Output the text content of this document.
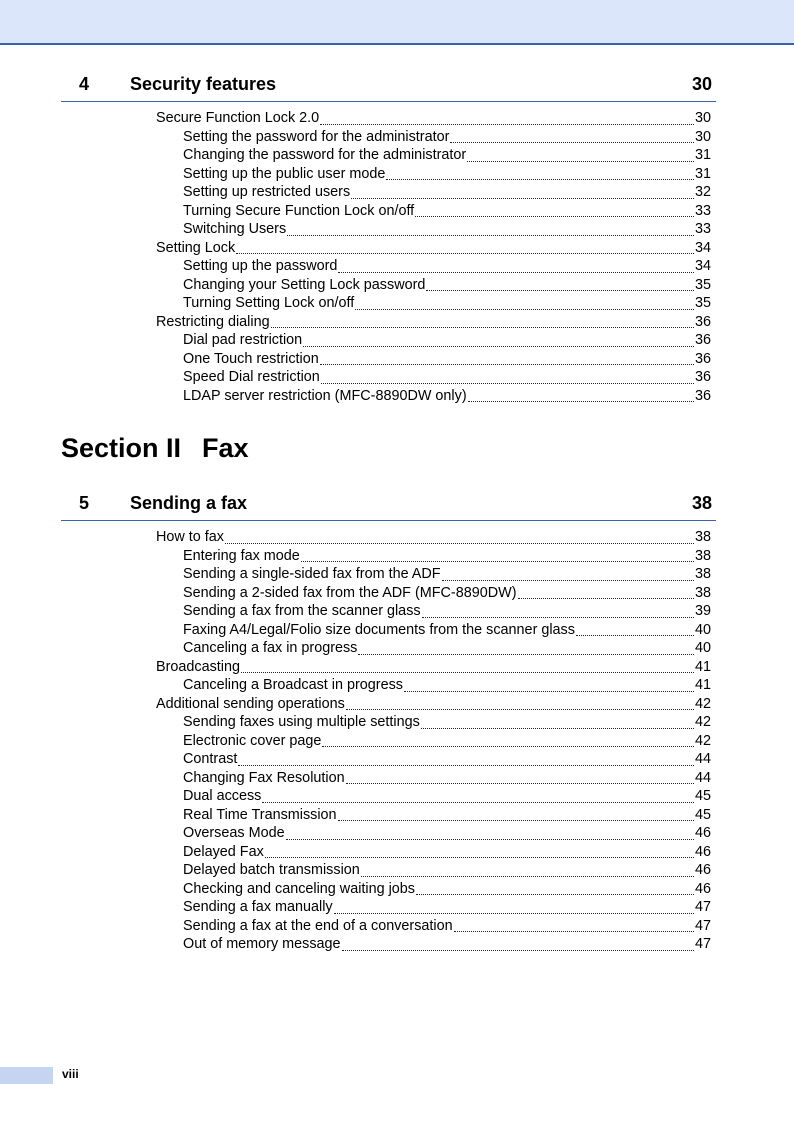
4 Security features	30
Secure Function Lock 2.0	30
Setting the password for the administrator	30
Changing the password for the administrator	31
Setting up the public user mode	31
Setting up restricted users	32
Turning Secure Function Lock on/off	33
Switching Users	33
Setting Lock	34
Setting up the password	34
Changing your Setting Lock password	35
Turning Setting Lock on/off	35
Restricting dialing	36
Dial pad restriction	36
One Touch restriction	36
Speed Dial restriction	36
LDAP server restriction (MFC-8890DW only)	36
Section II Fax
5 Sending a fax	38
How to fax	38
Entering fax mode	38
Sending a single-sided fax from the ADF	38
Sending a 2-sided fax from the ADF (MFC-8890DW)	38
Sending a fax from the scanner glass	39
Faxing A4/Legal/Folio size documents from the scanner glass	40
Canceling a fax in progress	40
Broadcasting	41
Canceling a Broadcast in progress	41
Additional sending operations	42
Sending faxes using multiple settings	42
Electronic cover page	42
Contrast	44
Changing Fax Resolution	44
Dual access	45
Real Time Transmission	45
Overseas Mode	46
Delayed Fax	46
Delayed batch transmission	46
Checking and canceling waiting jobs	46
Sending a fax manually	47
Sending a fax at the end of a conversation	47
Out of memory message	47
viii
